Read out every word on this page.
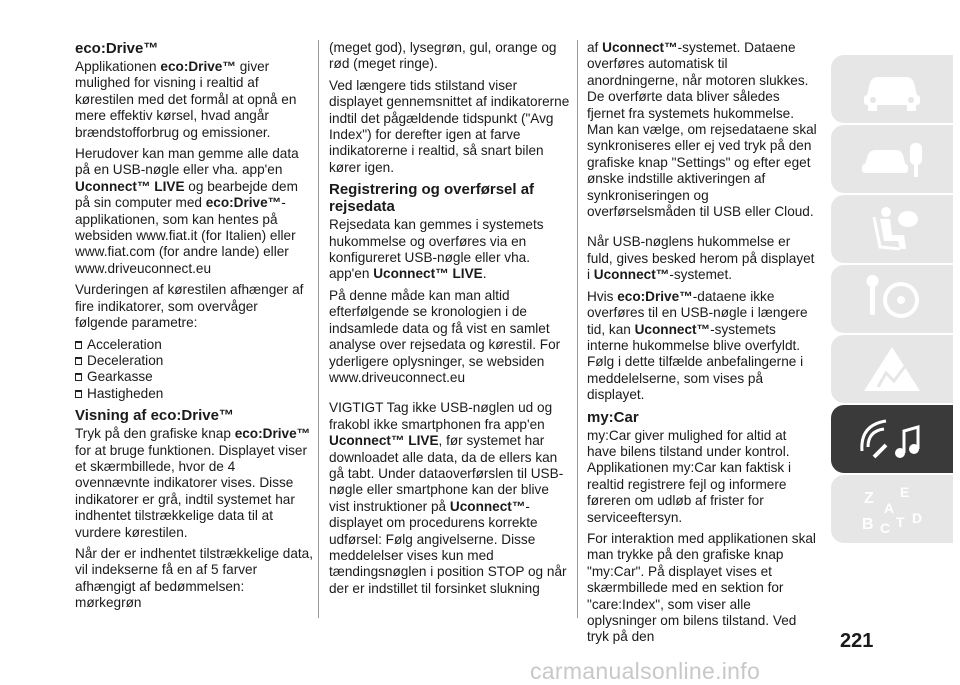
eco:Drive™

Applikationen eco:Drive™ giver mulighed for visning i realtid af kørestilen med det formål at opnå en mere effektiv kørsel, hvad angår brændstofforbrug og emissioner.

Herudover kan man gemme alle data på en USB-nøgle eller vha. app'en Uconnect™ LIVE og bearbejde dem på sin computer med eco:Drive™-applikationen, som kan hentes på websiden www.fiat.it (for Italien) eller www.fiat.com (for andre lande) eller www.driveuconnect.eu

Vurderingen af kørestilen afhænger af fire indikatorer, som overvåger følgende parametre:

Acceleration
Deceleration
Gearkasse
Hastigheden
Visning af eco:Drive™

Tryk på den grafiske knap eco:Drive™ for at bruge funktionen. Displayet viser et skærmbillede, hvor de 4 ovennævnte indikatorer vises. Disse indikatorer er grå, indtil systemet har indhentet tilstrækkelige data til at vurdere kørestilen.

Når der er indhentet tilstrækkelige data, vil indekserne få en af 5 farver afhængigt af bedømmelsen: mørkegrøn

(meget god), lysegrøn, gul, orange og rød (meget ringe).

Ved længere tids stilstand viser displayet gennemsnittet af indikatorerne indtil det pågældende tidspunkt ("Avg Index") for derefter igen at farve indikatorerne i realtid, så snart bilen kører igen.

Registrering og overførsel af rejsedata

Rejsedata kan gemmes i systemets hukommelse og overføres via en konfigureret USB-nøgle eller vha. app'en Uconnect™ LIVE.

På denne måde kan man altid efterfølgende se kronologien i de indsamlede data og få vist en samlet analyse over rejsedata og kørestil. For yderligere oplysninger, se websiden www.driveuconnect.eu

VIGTIGT Tag ikke USB-nøglen ud og frakobl ikke smartphonen fra app'en Uconnect™ LIVE, før systemet har downloadet alle data, da de ellers kan gå tabt. Under dataoverførslen til USB-nøgle eller smartphone kan der blive vist instruktioner på Uconnect™-displayet om procedurens korrekte udførsel: Følg angivelserne. Disse meddelelser vises kun med tændingsnøglen i position STOP og når der er indstillet til forsinket slukning

af Uconnect™-systemet. Dataene overføres automatisk til anordningerne, når motoren slukkes. De overførte data bliver således fjernet fra systemets hukommelse. Man kan vælge, om rejsedataene skal synkroniseres eller ej ved tryk på den grafiske knap "Settings" og efter eget ønske indstille aktiveringen af synkroniseringen og overførselsmåden til USB eller Cloud.

Når USB-nøglens hukommelse er fuld, gives besked herom på displayet i Uconnect™-systemet.

Hvis eco:Drive™-dataene ikke overføres til en USB-nøgle i længere tid, kan Uconnect™-systemets interne hukommelse blive overfyldt. Følg i dette tilfælde anbefalingerne i meddelelserne, som vises på displayet.

my:Car

my:Car giver mulighed for altid at have bilens tilstand under kontrol. Applikationen my:Car kan faktisk i realtid registrere fejl og informere føreren om udløb af frister for serviceeftersyn.

For interaktion med applikationen skal man trykke på den grafiske knap "my:Car". På displayet vises et skærmbillede med en sektion for "care:Index", som viser alle oplysninger om bilens tilstand. Ved tryk på den

Z E
A
B C T D
221
carmanualsonline.info
